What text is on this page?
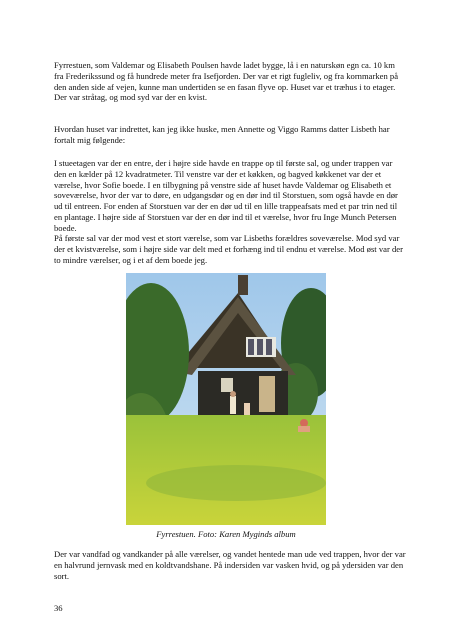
Fyrrestuen, som Valdemar og Elisabeth Poulsen havde ladet bygge, lå i en naturskøn egn ca. 10 km fra Frederikssund og få hundrede meter fra Isefjorden. Der var et rigt fugleliv, og fra kornmarken på den anden side af vejen, kunne man undertiden se en fasan flyve op. Huset var et træhus i to etager. Der var stråtag, og mod syd var der en kvist.

Hvordan huset var indrettet, kan jeg ikke huske, men Annette og Viggo Ramms datter Lisbeth har fortalt mig følgende:

I stueetagen var der en entre, der i højre side havde en trappe op til første sal, og under trappen var den en kælder på 12 kvadratmeter. Til venstre var der et køkken, og bagved køkkenet var der et værelse, hvor Sofie boede. I en tilbygning på venstre side af huset havde Valdemar og Elisabeth et soveværelse, hvor der var to døre, en udgangsdør og en dør ind til Storstuen, som også havde en dør ud til entreen. For enden af Storstuen var der en dør ud til en lille trappeafsats med et par trin ned til en plantage. I højre side af Storstuen var der en dør ind til et værelse, hvor fru Inge Munch Petersen boede.

På første sal var der mod vest et stort værelse, som var Lisbeths forældres soveværelse. Mod syd var der et kvistværelse, som i højre side var delt med et forhæng ind til endnu et værelse. Mod øst var der to mindre værelser, og i et af dem boede jeg.

Fyrrestuen. Foto: Karen Myginds album

Der var vandfad og vandkander på alle værelser, og vandet hentede man ude ved trappen, hvor der var en halvrund jernvask med en koldtvandshane. På indersiden var vasken hvid, og på ydersiden var den sort.

36
